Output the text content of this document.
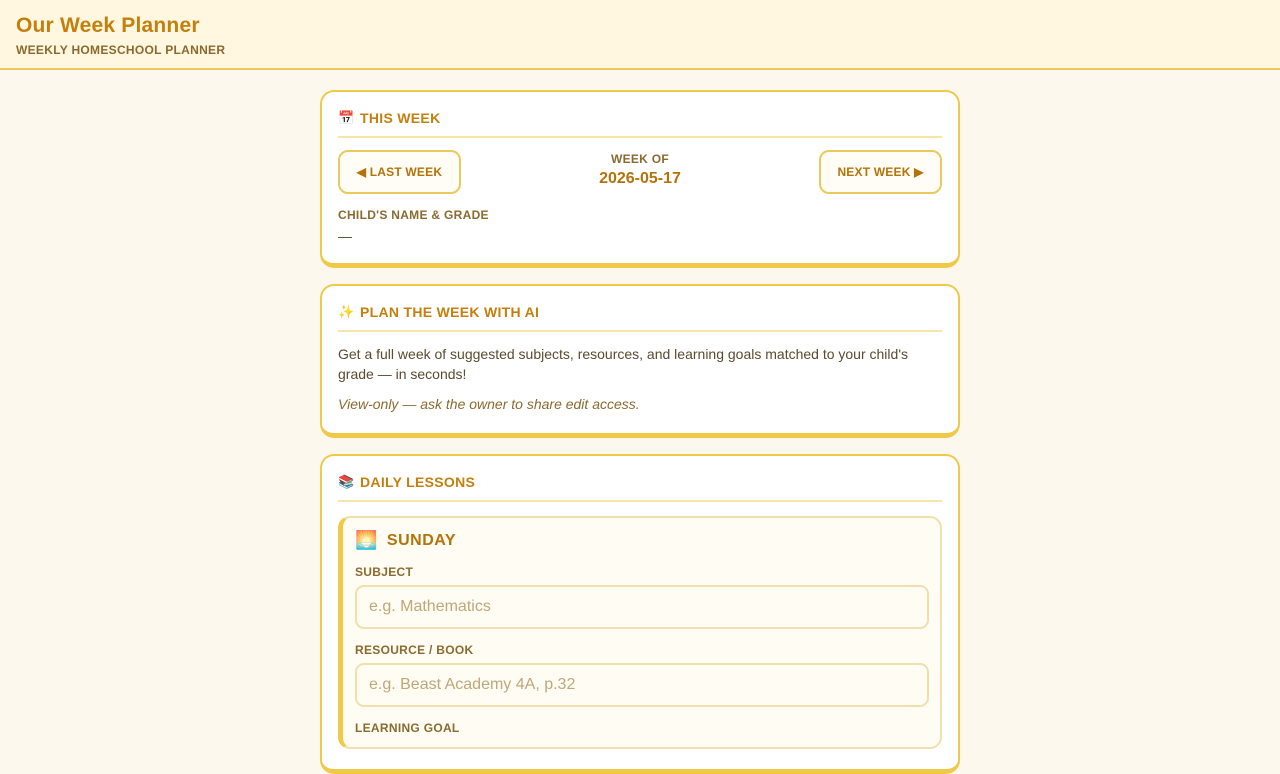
Our Week Planner
WEEKLY HOMESCHOOL PLANNER
📅 THIS WEEK
◀ LAST WEEK
WEEK OF
2026-05-17	NEXT WEEK ▶
CHILD'S NAME & GRADE
—
✨ PLAN THE WEEK WITH AI
Get a full week of suggested subjects, resources, and learning goals matched to your child's grade — in seconds!
View-only — ask the owner to share edit access.
📚 DAILY LESSONS
🌅 SUNDAY
SUBJECT
e.g. Mathematics
RESOURCE / BOOK
e.g. Beast Academy 4A, p.32
LEARNING GOAL
